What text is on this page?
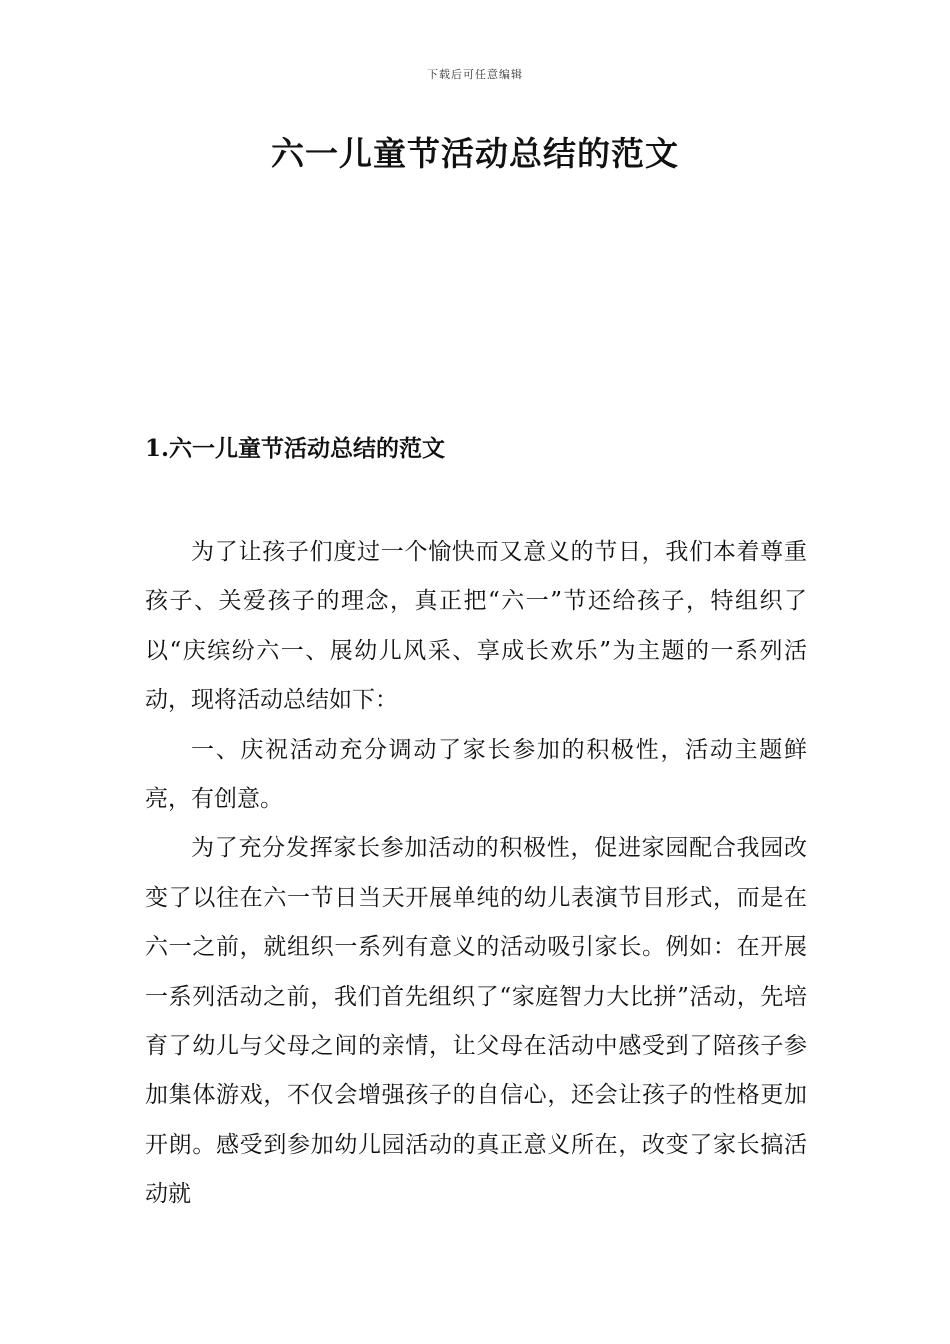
下载后可任意编辑
六一儿童节活动总结的范文
1.六一儿童节活动总结的范文

为了让孩子们度过一个愉快而又意义的节日，我们本着尊重孩子、关爱孩子的理念，真正把“六一”节还给孩子，特组织了以“庆缤纷六一、展幼儿风采、享成长欢乐”为主题的一系列活动，现将活动总结如下：

一、庆祝活动充分调动了家长参加的积极性，活动主题鲜亮，有创意。

为了充分发挥家长参加活动的积极性，促进家园配合我园改变了以往在六一节日当天开展单纯的幼儿表演节目形式，而是在六一之前，就组织一系列有意义的活动吸引家长。例如：在开展一系列活动之前，我们首先组织了“家庭智力大比拼”活动，先培育了幼儿与父母之间的亲情，让父母在活动中感受到了陪孩子参加集体游戏，不仅会增强孩子的自信心，还会让孩子的性格更加开朗。感受到参加幼儿园活动的真正意义所在，改变了家长搞活动就
